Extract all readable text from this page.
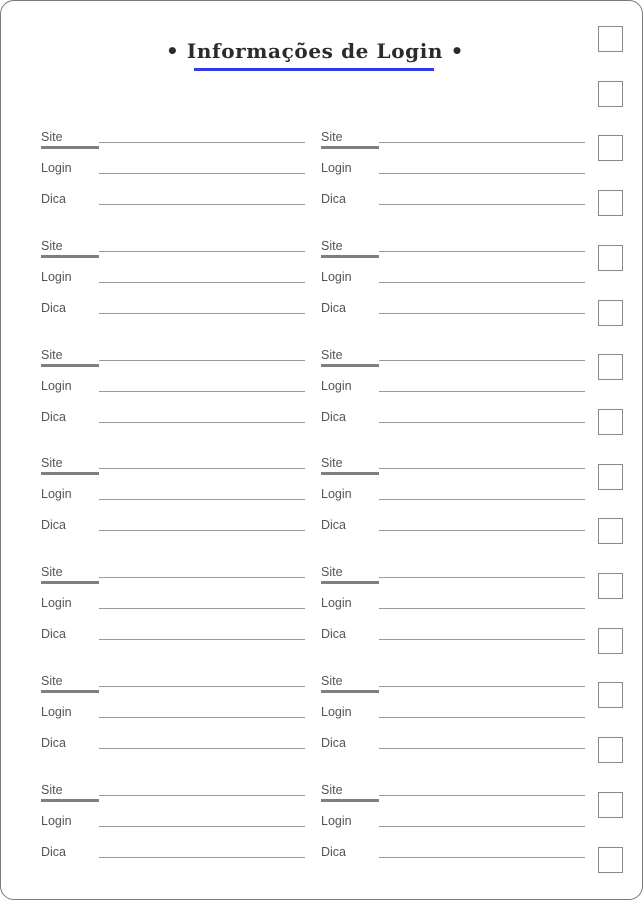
• Informações de Login •
Site
Login
Dica
Site
Login
Dica
Site
Login
Dica
Site
Login
Dica
Site
Login
Dica
Site
Login
Dica
Site
Login
Dica
Site
Login
Dica
Site
Login
Dica
Site
Login
Dica
Site
Login
Dica
Site
Login
Dica
Site
Login
Dica
Site
Login
Dica
